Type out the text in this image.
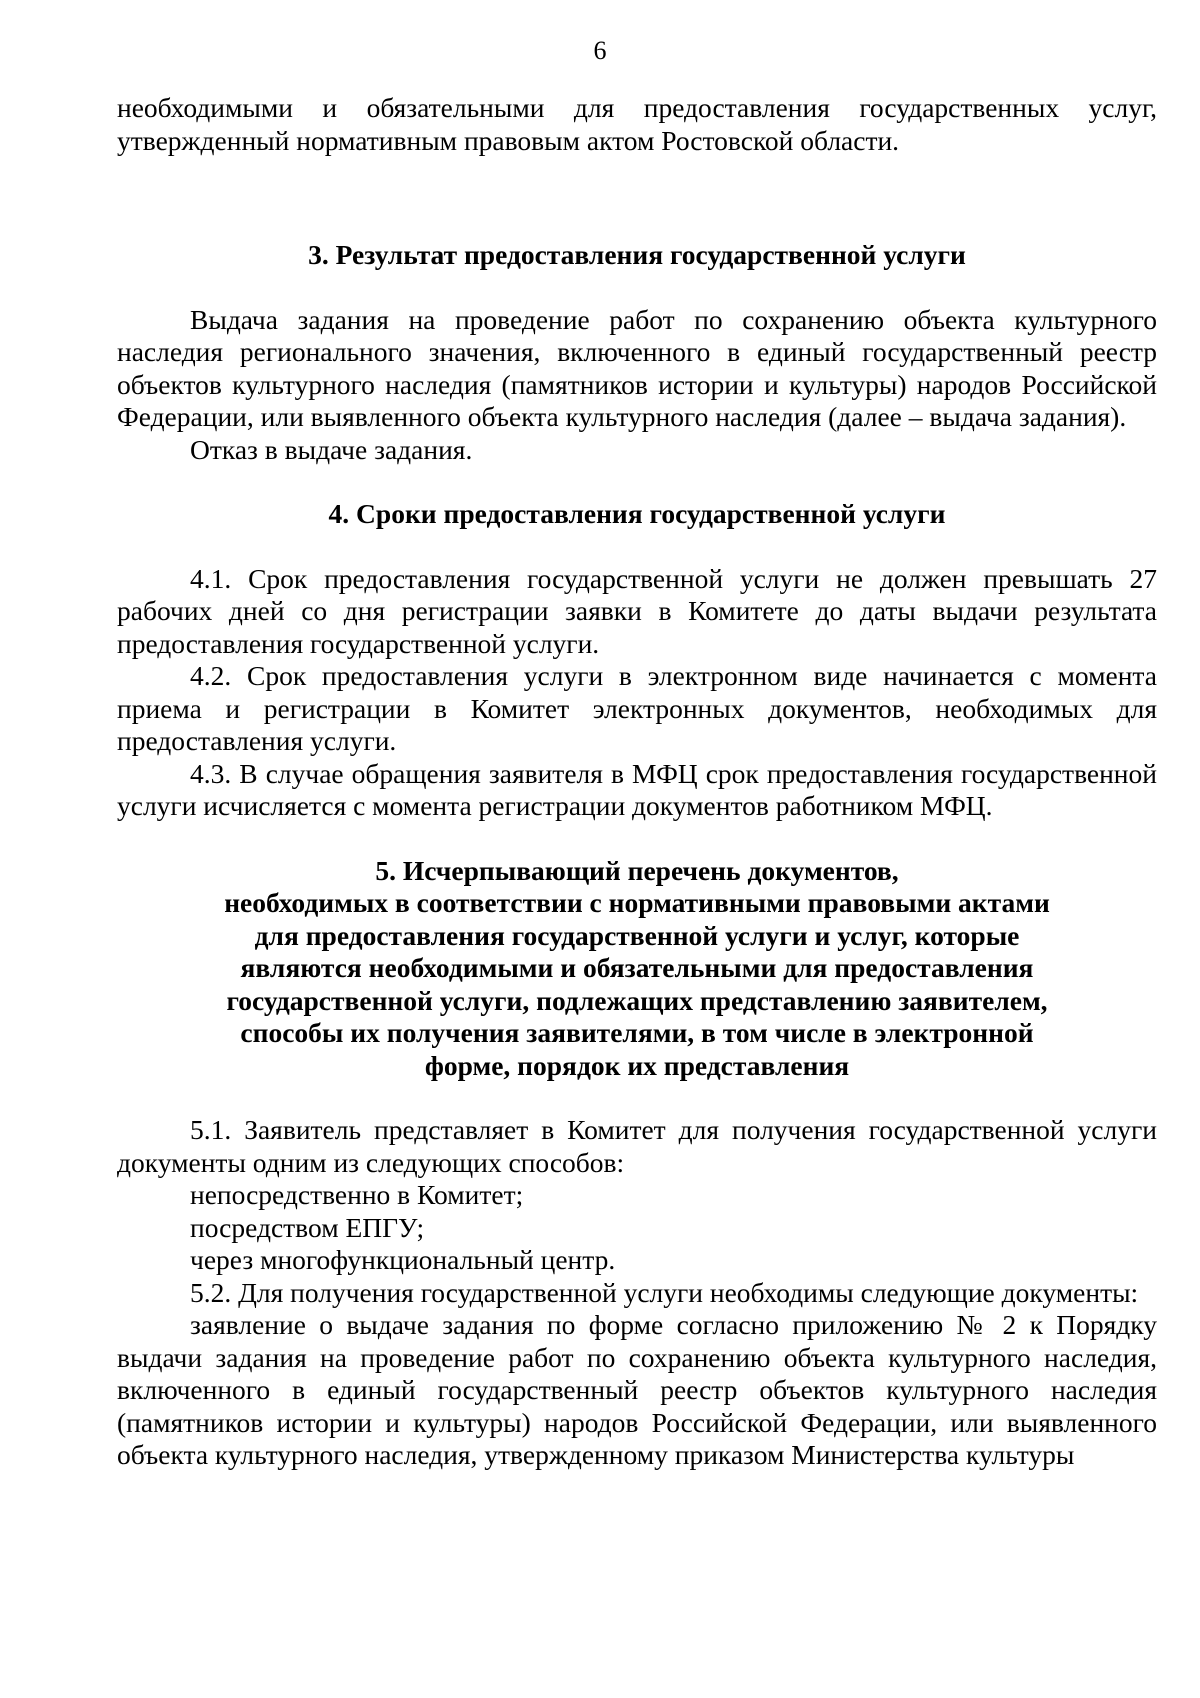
6

необходимыми и обязательными для предоставления государственных услуг, утвержденный нормативным правовым актом Ростовской области.

3. Результат предоставления государственной услуги

Выдача задания на проведение работ по сохранению объекта культурного наследия регионального значения, включенного в единый государственный реестр объектов культурного наследия (памятников истории и культуры) народов Российской Федерации, или выявленного объекта культурного наследия (далее – выдача задания).

Отказ в выдаче задания.

4. Сроки предоставления государственной услуги

4.1. Срок предоставления государственной услуги не должен превышать 27 рабочих дней со дня регистрации заявки в Комитете до даты выдачи результата предоставления государственной услуги.

4.2. Срок предоставления услуги в электронном виде начинается с момента приема и регистрации в Комитет электронных документов, необходимых для предоставления услуги.

4.3. В случае обращения заявителя в МФЦ срок предоставления государственной услуги исчисляется с момента регистрации документов работником МФЦ.

5. Исчерпывающий перечень документов,

необходимых в соответствии с нормативными правовыми актами

для предоставления государственной услуги и услуг, которые

являются необходимыми и обязательными для предоставления

государственной услуги, подлежащих представлению заявителем,

способы их получения заявителями, в том числе в электронной

форме, порядок их представления

5.1. Заявитель представляет в Комитет для получения государственной услуги документы одним из следующих способов:

непосредственно в Комитет;

посредством ЕПГУ;

через многофункциональный центр.

5.2. Для получения государственной услуги необходимы следующие документы:

заявление о выдаче задания по форме согласно приложению № 2 к Порядку выдачи задания на проведение работ по сохранению объекта культурного наследия, включенного в единый государственный реестр объектов культурного наследия (памятников истории и культуры) народов Российской Федерации, или выявленного объекта культурного наследия, утвержденному приказом Министерства культуры
